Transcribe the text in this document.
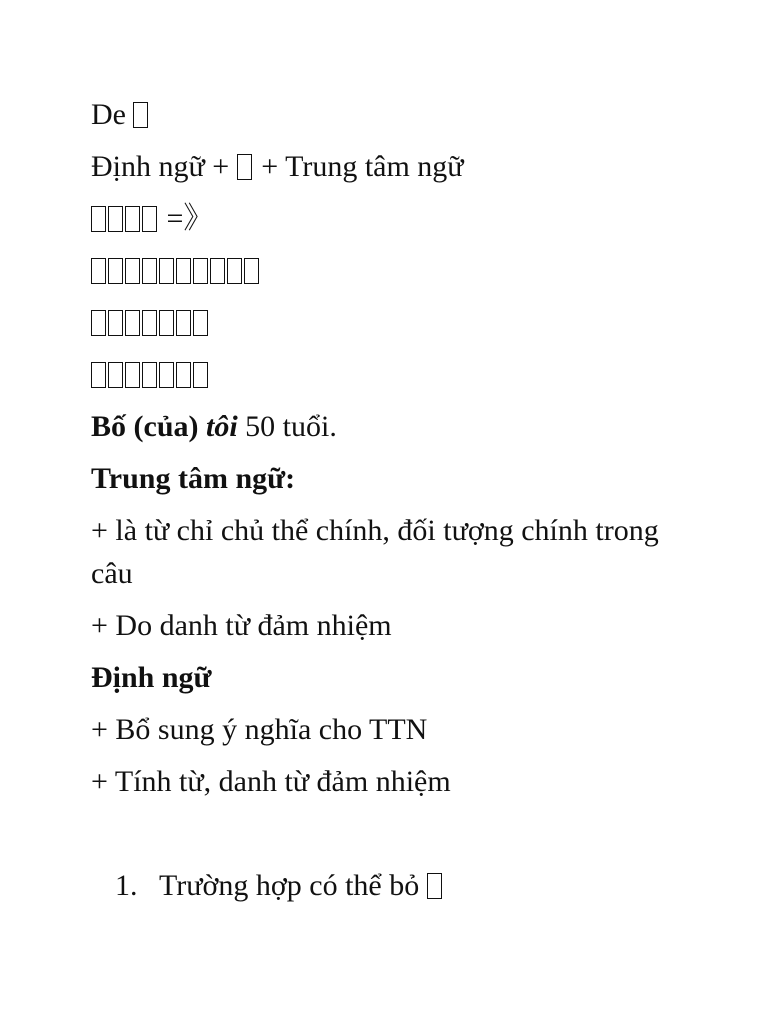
De
Định ngữ + + Trung tâm ngữ
=》
Bố (của) tôi 50 tuổi.
Trung tâm ngữ:
+ là từ chỉ chủ thể chính, đối tượng chính trong câu
+ Do danh từ đảm nhiệm
Định ngữ
+ Bổ sung ý nghĩa cho TTN
+ Tính từ, danh từ đảm nhiệm
1. Trường hợp có thể bỏ
